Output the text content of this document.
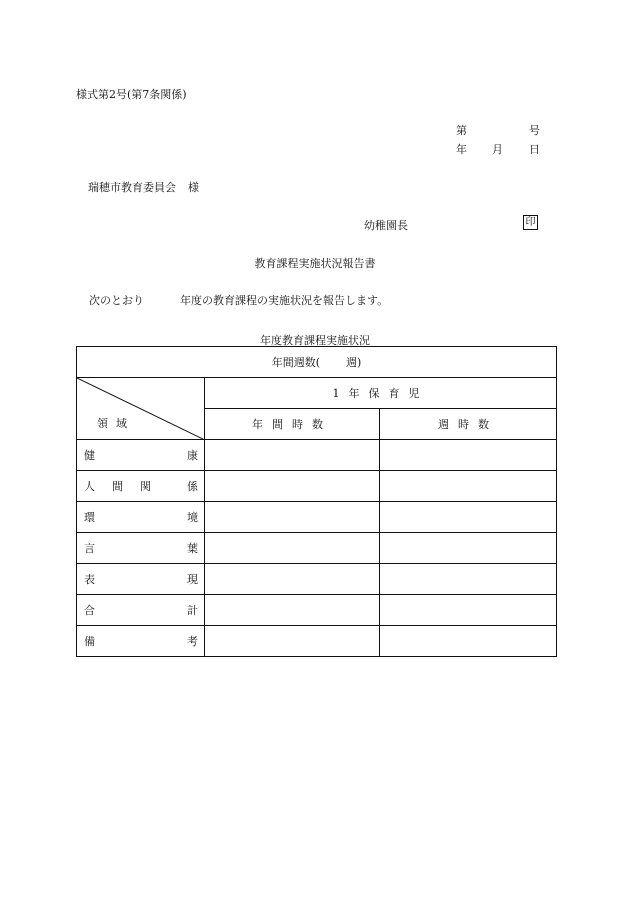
様式第2号(第7条関係)
第	号
年 月 日
瑞穂市教育委員会 様
幼稚園長	印
教育課程実施状況報告書
次のとおり	年度の教育課程の実施状況を報告します。
年度教育課程実施状況
年間週数( 週)		

領域	1年保育児	
	年間時数	週時数

健 康		

人間関 係		

環 境		

言 葉		

表 現		

合 計		

備 考		
